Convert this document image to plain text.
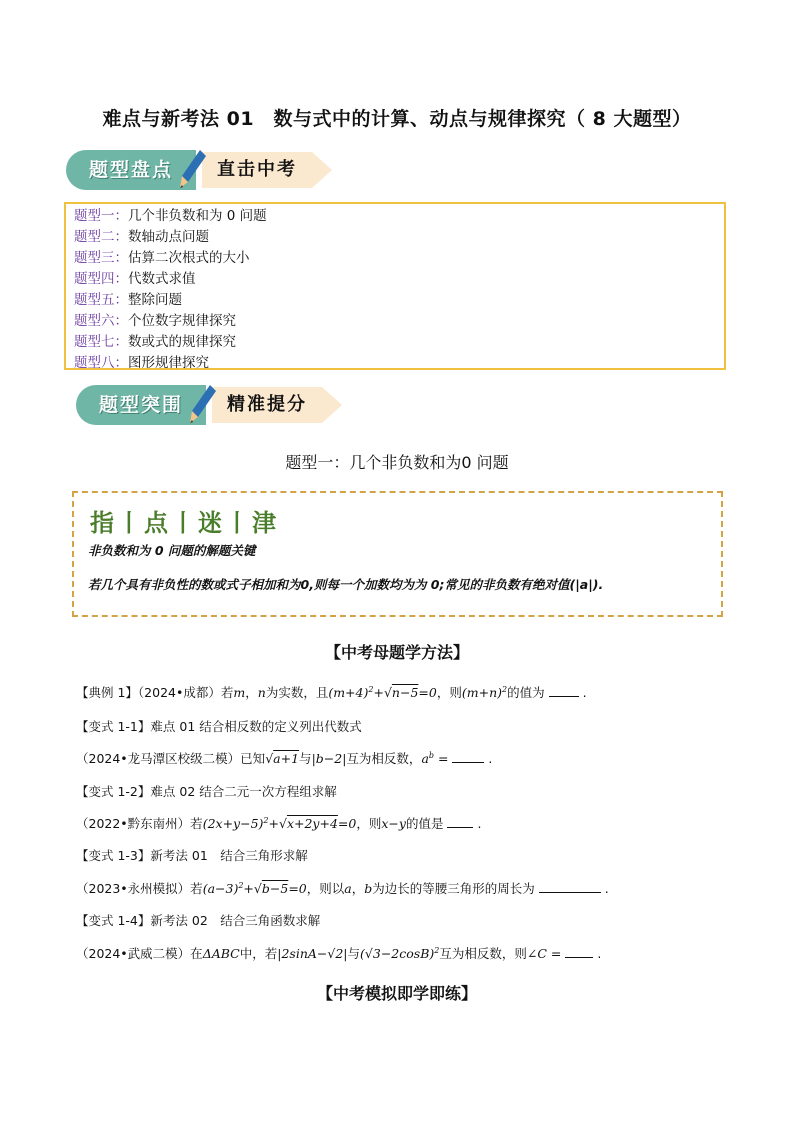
难点与新考法 01　数与式中的计算、动点与规律探究（ 8 大题型）
题型盘点	直击中考
题型一：几个非负数和为 0 问题
题型二：数轴动点问题
题型三：估算二次根式的大小
题型四：代数式求值
题型五：整除问题
题型六：个位数字规律探究
题型七：数或式的规律探究
题型八：图形规律探究
题型突围	精准提分
题型一：几个非负数和为0 问题
指丨点丨迷丨津
非负数和为 0 问题的解题关键
若几个具有非负性的数或式子相加和为0,则每一个加数均为为 0;常见的非负数有绝对值(|a|).
【中考母题学方法】
【典例 1】（2024•成都）若m，n为实数，且$(m+4)^2+√n-5=0$，则$(m+n)^2$的值为	.
【变式 1-1】难点 01 结合相反数的定义列出代数式
（2024•龙马潭区校级二模）已知√a+1与|b−2|互为相反数，$a^b$ =	.
【变式 1-2】难点 02 结合二元一次方程组求解
（2022•黔东南州）若$(2x+y-5)^2+√x+2y+4=0$，则x−y的值是  .
【变式 1-3】新考法 01　结合三角形求解
（2023•永州模拟）若$(a-3)^2+√b-5=0$，则以a，b为边长的等腰三角形的周长为	.
【变式 1-4】新考法 02　结合三角函数求解
（2024•武威二模）在ΔABC中，若|2sinA−√2|与$(√3-2\cos B)^2$互为相反数，则∠C =	.
【中考模拟即学即练】
